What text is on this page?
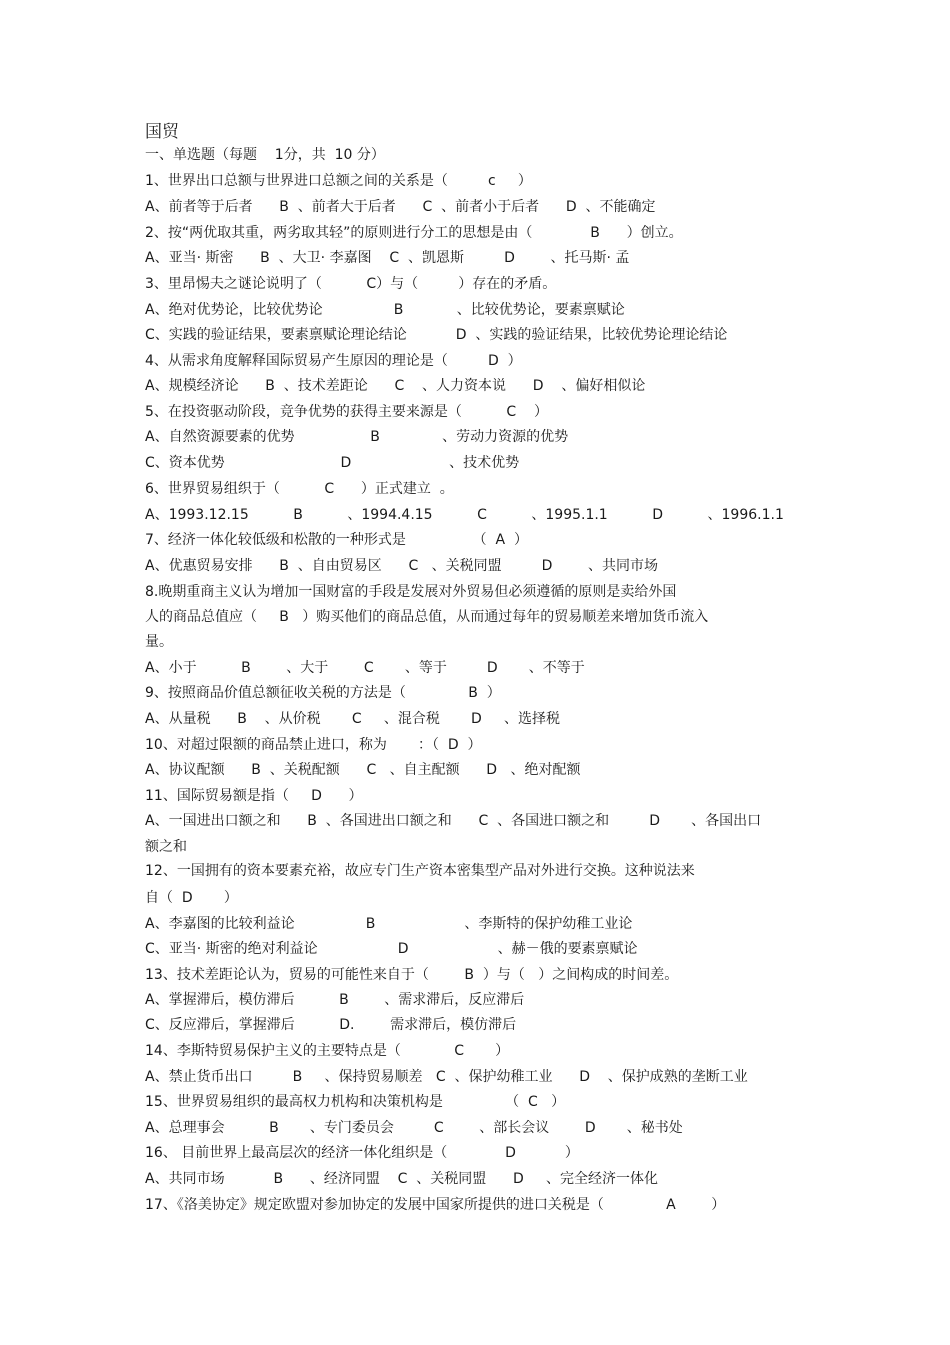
国贸
一、单选题（每题    1分，共  10 分）
1、世界出口总额与世界进口总额之间的关系是（         c     ）
A、前者等于后者      B  、前者大于后者      C  、前者小于后者      D  、不能确定
2、按“两优取其重，两劣取其轻”的原则进行分工的思想是由（             B      ）创立。
A、亚当· 斯密      B  、大卫· 李嘉图    C  、凯恩斯         D        、托马斯· 孟
3、里昂惕夫之谜论说明了（          C）与（         ）存在的矛盾。
A、绝对优势论，比较优势论                B            、比较优势论，要素禀赋论
C、实践的验证结果，要素禀赋论理论结论           D  、实践的验证结果，比较优势论理论结论
4、从需求角度解释国际贸易产生原因的理论是（         D  ）
A、规模经济论      B  、技术差距论      C    、人力资本说      D    、偏好相似论
5、在投资驱动阶段，竞争优势的获得主要来源是（          C    ）
A、自然资源要素的优势                 B              、劳动力资源的优势
C、资本优势                          D                      、技术优势
6、世界贸易组织于（          C      ）正式建立  。
A、1993.12.15          B          、1994.4.15          C          、1995.1.1          D          、1996.1.1
7、经济一体化较低级和松散的一种形式是               （  A  ）
A、优惠贸易安排      B  、自由贸易区      C   、关税同盟         D        、共同市场
8.晚期重商主义认为增加一国财富的手段是发展对外贸易但必须遵循的原则是卖给外国
人的商品总值应（     B   ）购买他们的商品总值，从而通过每年的贸易顺差来增加货币流入
量。
A、小于          B        、大于        C       、等于         D       、不等于
9、按照商品价值总额征收关税的方法是（              B  ）
A、从量税      B    、从价税       C     、混合税       D     、选择税
10、对超过限额的商品禁止进口，称为       ：（  D  ）
A、协议配额      B  、关税配额      C   、自主配额      D   、绝对配额
11、国际贸易额是指（     D      ）
A、一国进出口额之和      B  、各国进出口额之和      C  、各国进口额之和         D       、各国出口
额之和
12、一国拥有的资本要素充裕，故应专门生产资本密集型产品对外进行交换。这种说法来
自（  D       ）
A、李嘉图的比较利益论                B                    、李斯特的保护幼稚工业论
C、亚当· 斯密的绝对利益论                  D                    、赫－俄的要素禀赋论
13、技术差距论认为，贸易的可能性来自于（        B  ）与（   ）之间构成的时间差。
A、掌握滞后，模仿滞后          B        、需求滞后，反应滞后
C、反应滞后，掌握滞后          D.        需求滞后，模仿滞后
14、李斯特贸易保护主义的主要特点是（            C       ）
A、禁止货币出口         B     、保持贸易顺差   C  、保护幼稚工业      D    、保护成熟的垄断工业
15、世界贸易组织的最高权力机构和决策机构是              （  C   ）
A、总理事会          B       、专门委员会         C        、部长会议        D       、秘书处
16、 目前世界上最高层次的经济一体化组织是（             D           ）
A、共同市场           B      、经济同盟    C  、关税同盟      D     、完全经济一体化
17、《洛美协定》规定欧盟对参加协定的发展中国家所提供的进口关税是（              A        ）
